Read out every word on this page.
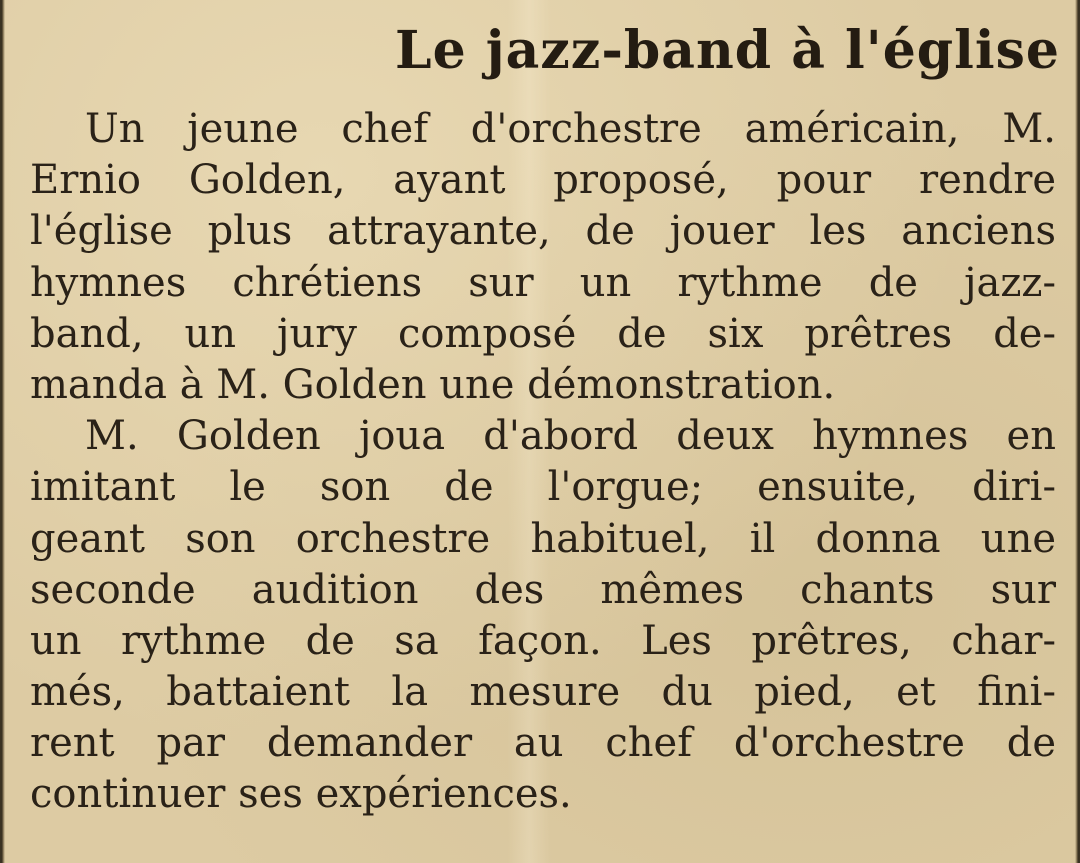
Le jazz-band à l'église
Un jeune chef d'orchestre américain, M.
Ernio Golden, ayant proposé, pour rendre
l'église plus attrayante, de jouer les anciens
hymnes chrétiens sur un rythme de jazz-
band, un jury composé de six prêtres de-
manda à M. Golden une démonstration.
M. Golden joua d'abord deux hymnes en
imitant le son de l'orgue; ensuite, diri-
geant son orchestre habituel, il donna une
seconde audition des mêmes chants sur
un rythme de sa façon. Les prêtres, char-
més, battaient la mesure du pied, et fini-
rent par demander au chef d'orchestre de
continuer ses expériences.
